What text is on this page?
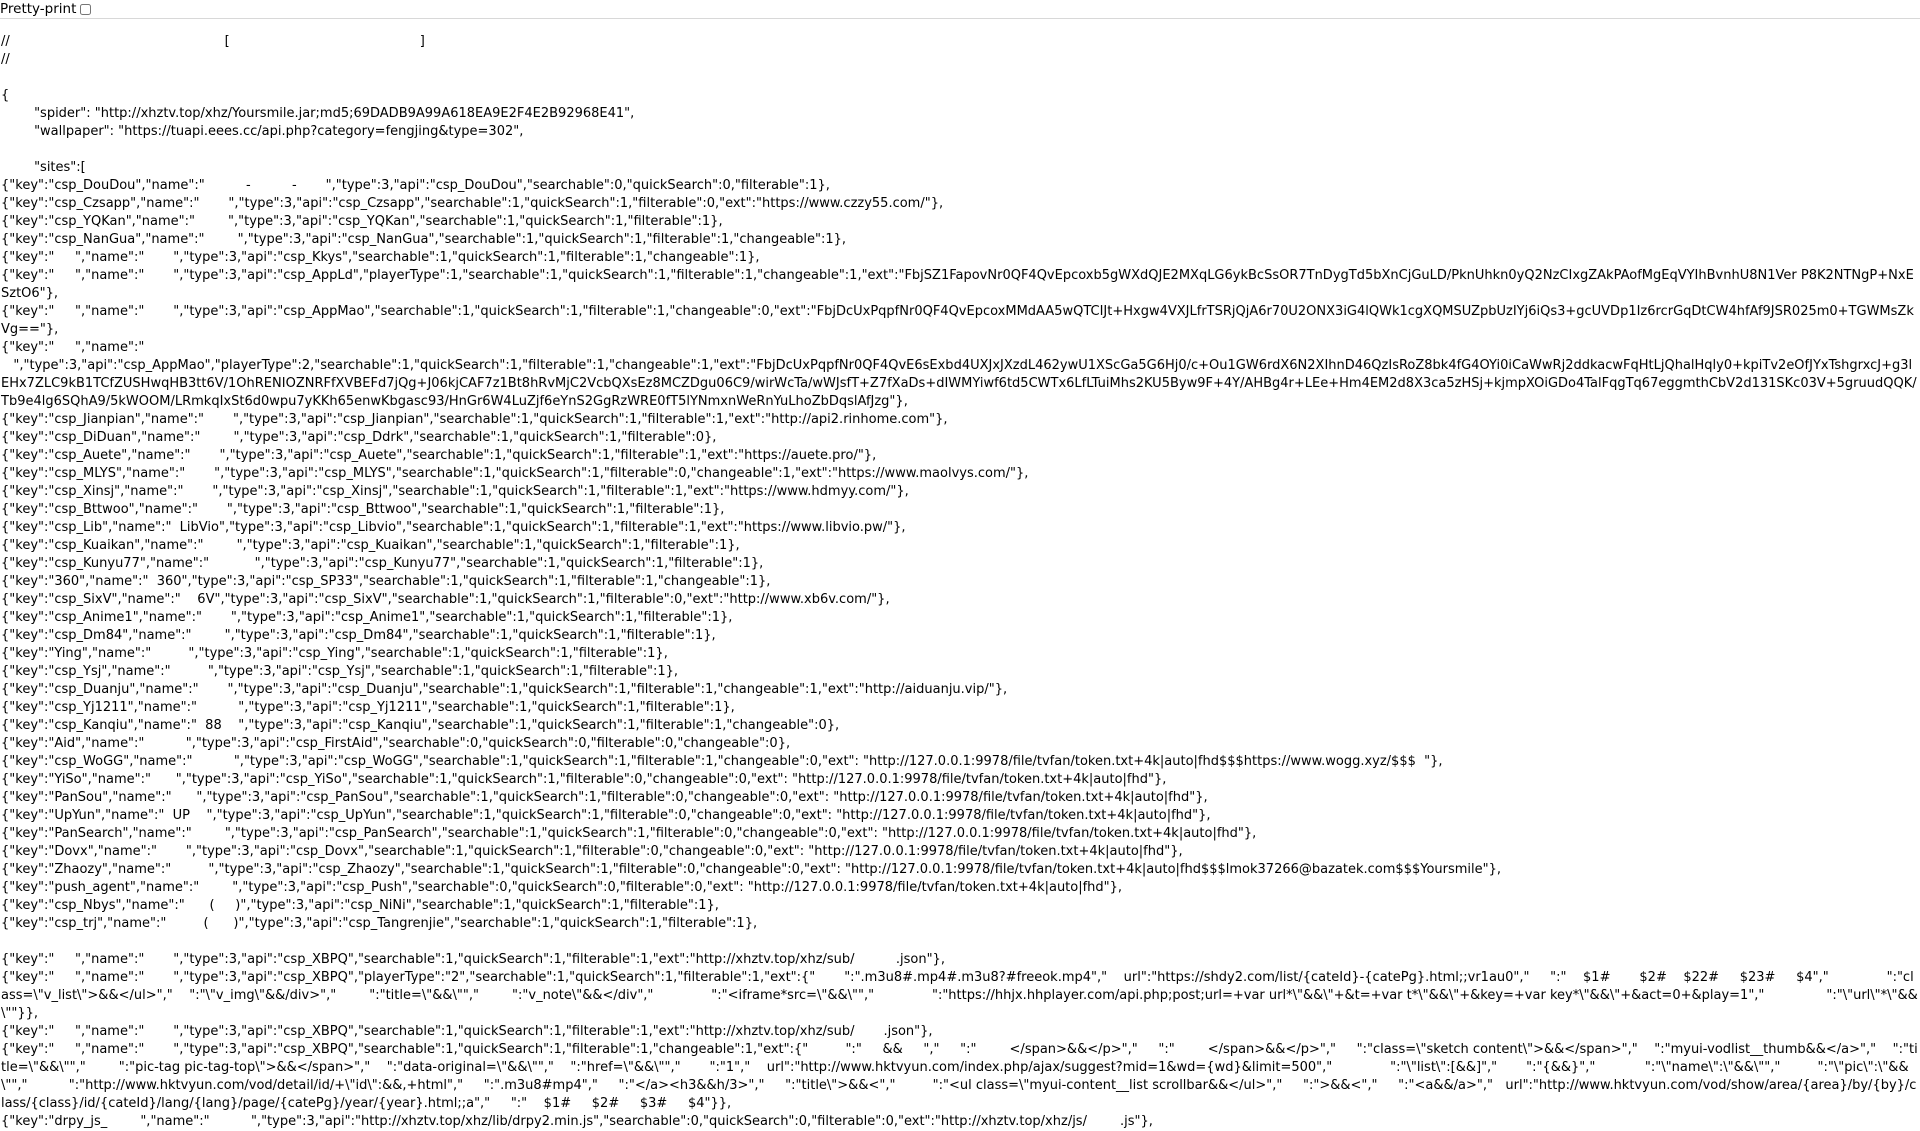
Pretty-print
//                                                    [                                              ]
//
{
"spider": "http://xhztv.top/xhz/Yoursmile.jar;md5;69DADB9A99A618EA9E2F4E2B92968E41",
"wallpaper": "https://tuapi.eees.cc/api.php?category=fengjing&type=302",
"sites":[
{"key":"csp_DouDou","name":"          -          -       ","type":3,"api":"csp_DouDou","searchable":0,"quickSearch":0,"filterable":1},
{"key":"csp_Czsapp","name":"       ","type":3,"api":"csp_Czsapp","searchable":1,"quickSearch":1,"filterable":0,"ext":"https://www.czzy55.com/"},
{"key":"csp_YQKan","name":"        ","type":3,"api":"csp_YQKan","searchable":1,"quickSearch":1,"filterable":1},
{"key":"csp_NanGua","name":"        ","type":3,"api":"csp_NanGua","searchable":1,"quickSearch":1,"filterable":1,"changeable":1},
{"key":"     ","name":"       ","type":3,"api":"csp_Kkys","searchable":1,"quickSearch":1,"filterable":1,"changeable":1},
{"key":"     ","name":"       ","type":3,"api":"csp_AppLd","playerType":1,"searchable":1,"quickSearch":1,"filterable":1,"changeable":1,"ext":"FbjSZ1FapovNr0QF4QvEpcoxb5gWXdQJE2MXqLG6ykBcSsOR7TnDygTd5bXnCjGuLD/PknUhkn0yQ2NzCIxgZAkPAofMgEqVYIhBvnhU8N1Ver P8K2NTNgP+NxESztO6"},
{"key":"     ","name":"       ","type":3,"api":"csp_AppMao","searchable":1,"quickSearch":1,"filterable":1,"changeable":0,"ext":"FbjDcUxPqpfNr0QF4QvEpcoxMMdAA5wQTCIJt+Hxgw4VXJLfrTSRjQjA6r70U2ONX3iG4lQWk1cgXQMSUZpbUzIYj6iQs3+gcUVDp1Iz6rcrGqDtCW4hfAf9JSR025m0+TGWMsZkVg=="},
{"key":"     ","name":"
","type":3,"api":"csp_AppMao","playerType":2,"searchable":1,"quickSearch":1,"filterable":1,"changeable":1,"ext":"FbjDcUxPqpfNr0QF4QvE6sExbd4UXJxJXzdL462ywU1XScGa5G6Hj0/c+Ou1GW6rdX6N2XIhnD46QzIsRoZ8bk4fG4OYi0iCaWwRj2ddkacwFqHtLjQhalHqly0+kpiTv2eOfJYxTshgrxcJ+g3lEHx7ZLC9kB1TCfZUSHwqHB3tt6V/1OhRENIOZNRFfXVBEFd7jQg+J06kjCAF7z1Bt8hRvMjC2VcbQXsEz8MCZDgu06C9/wirWcTa/wWJsfT+Z7fXaDs+dIWMYiwf6td5CWTx6LfLTuiMhs2KU5Byw9F+4Y/AHBg4r+LEe+Hm4EM2d8X3ca5zHSj+kjmpXOiGDo4TalFqgTq67eggmthCbV2d131SKc03V+5gruudQQK/Tb9e4lg6SQhA9/5kWOOM/LRmkqIxSt6d0wpu7yKKh65enwKbgasc93/HnGr6W4LuZjf6eYnS2GgRzWRE0fT5lYNmxnWeRnYuLhoZbDqslAfJzg"},
{"key":"csp_Jianpian","name":"       ","type":3,"api":"csp_Jianpian","searchable":1,"quickSearch":1,"filterable":1,"ext":"http://api2.rinhome.com"},
{"key":"csp_DiDuan","name":"        ","type":3,"api":"csp_Ddrk","searchable":1,"quickSearch":1,"filterable":0},
{"key":"csp_Auete","name":"       ","type":3,"api":"csp_Auete","searchable":1,"quickSearch":1,"filterable":1,"ext":"https://auete.pro/"},
{"key":"csp_MLYS","name":"       ","type":3,"api":"csp_MLYS","searchable":1,"quickSearch":1,"filterable":0,"changeable":1,"ext":"https://www.maolvys.com/"},
{"key":"csp_Xinsj","name":"       ","type":3,"api":"csp_Xinsj","searchable":1,"quickSearch":1,"filterable":1,"ext":"https://www.hdmyy.com/"},
{"key":"csp_Bttwoo","name":"       ","type":3,"api":"csp_Bttwoo","searchable":1,"quickSearch":1,"filterable":1},
{"key":"csp_Lib","name":"  LibVio","type":3,"api":"csp_Libvio","searchable":1,"quickSearch":1,"filterable":1,"ext":"https://www.libvio.pw/"},
{"key":"csp_Kuaikan","name":"        ","type":3,"api":"csp_Kuaikan","searchable":1,"quickSearch":1,"filterable":1},
{"key":"csp_Kunyu77","name":"           ","type":3,"api":"csp_Kunyu77","searchable":1,"quickSearch":1,"filterable":1},
{"key":"360","name":"  360","type":3,"api":"csp_SP33","searchable":1,"quickSearch":1,"filterable":1,"changeable":1},
{"key":"csp_SixV","name":"    6V","type":3,"api":"csp_SixV","searchable":1,"quickSearch":1,"filterable":0,"ext":"http://www.xb6v.com/"},
{"key":"csp_Anime1","name":"       ","type":3,"api":"csp_Anime1","searchable":1,"quickSearch":1,"filterable":1},
{"key":"csp_Dm84","name":"        ","type":3,"api":"csp_Dm84","searchable":1,"quickSearch":1,"filterable":1},
{"key":"Ying","name":"         ","type":3,"api":"csp_Ying","searchable":1,"quickSearch":1,"filterable":1},
{"key":"csp_Ysj","name":"         ","type":3,"api":"csp_Ysj","searchable":1,"quickSearch":1,"filterable":1},
{"key":"csp_Duanju","name":"       ","type":3,"api":"csp_Duanju","searchable":1,"quickSearch":1,"filterable":1,"changeable":1,"ext":"http://aiduanju.vip/"},
{"key":"csp_Yj1211","name":"          ","type":3,"api":"csp_Yj1211","searchable":1,"quickSearch":1,"filterable":1},
{"key":"csp_Kanqiu","name":"  88    ","type":3,"api":"csp_Kanqiu","searchable":1,"quickSearch":1,"filterable":1,"changeable":0},
{"key":"Aid","name":"          ","type":3,"api":"csp_FirstAid","searchable":0,"quickSearch":0,"filterable":0,"changeable":0},
{"key":"csp_WoGG","name":"          ","type":3,"api":"csp_WoGG","searchable":1,"quickSearch":1,"filterable":1,"changeable":0,"ext": "http://127.0.0.1:9978/file/tvfan/token.txt+4k|auto|fhd$$$https://www.wogg.xyz/$$$  "},
{"key":"YiSo","name":"      ","type":3,"api":"csp_YiSo","searchable":1,"quickSearch":1,"filterable":0,"changeable":0,"ext": "http://127.0.0.1:9978/file/tvfan/token.txt+4k|auto|fhd"},
{"key":"PanSou","name":"      ","type":3,"api":"csp_PanSou","searchable":1,"quickSearch":1,"filterable":0,"changeable":0,"ext": "http://127.0.0.1:9978/file/tvfan/token.txt+4k|auto|fhd"},
{"key":"UpYun","name":"  UP    ","type":3,"api":"csp_UpYun","searchable":1,"quickSearch":1,"filterable":0,"changeable":0,"ext": "http://127.0.0.1:9978/file/tvfan/token.txt+4k|auto|fhd"},
{"key":"PanSearch","name":"        ","type":3,"api":"csp_PanSearch","searchable":1,"quickSearch":1,"filterable":0,"changeable":0,"ext": "http://127.0.0.1:9978/file/tvfan/token.txt+4k|auto|fhd"},
{"key":"Dovx","name":"       ","type":3,"api":"csp_Dovx","searchable":1,"quickSearch":1,"filterable":0,"changeable":0,"ext": "http://127.0.0.1:9978/file/tvfan/token.txt+4k|auto|fhd"},
{"key":"Zhaozy","name":"         ","type":3,"api":"csp_Zhaozy","searchable":1,"quickSearch":1,"filterable":0,"changeable":0,"ext": "http://127.0.0.1:9978/file/tvfan/token.txt+4k|auto|fhd$$$lmok37266@bazatek.com$$$Yoursmile"},
{"key":"push_agent","name":"        ","type":3,"api":"csp_Push","searchable":0,"quickSearch":0,"filterable":0,"ext": "http://127.0.0.1:9978/file/tvfan/token.txt+4k|auto|fhd"},
{"key":"csp_Nbys","name":"      (     )","type":3,"api":"csp_NiNi","searchable":1,"quickSearch":1,"filterable":1},
{"key":"csp_trj","name":"         (      )","type":3,"api":"csp_Tangrenjie","searchable":1,"quickSearch":1,"filterable":1},
{"key":"     ","name":"       ","type":3,"api":"csp_XBPQ","searchable":1,"quickSearch":1,"filterable":1,"ext":"http://xhztv.top/xhz/sub/          .json"},
{"key":"     ","name":"       ","type":3,"api":"csp_XBPQ","playerType":"2","searchable":1,"quickSearch":1,"filterable":1,"ext":{"       ":".m3u8#.mp4#.m3u8?#freeok.mp4","    url":"https://shdy2.com/list/{cateId}-{catePg}.html;;vr1au0","     ":"    $1#       $2#    $22#     $23#     $4","              ":"class=\"v_list\">&&</ul>","    ":"\"v_img\"&&/div>","        ":"title=\"&&\"","        ":"v_note\"&&</div","              ":"<iframe*src=\"&&\"","              ":"https://hhjx.hhplayer.com/api.php;post;url=+var url*\"&&\"+&t=+var t*\"&&\"+&key=+var key*\"&&\"+&act=0+&play=1","               ":"\"url\"*\"&&\""}},
{"key":"     ","name":"       ","type":3,"api":"csp_XBPQ","searchable":1,"quickSearch":1,"filterable":1,"ext":"http://xhztv.top/xhz/sub/       .json"},
{"key":"     ","name":"       ","type":3,"api":"csp_XBPQ","searchable":1,"quickSearch":1,"filterable":1,"changeable":1,"ext":{"         ":"     &&     ","     ":"        </span>&&</p>","     ":"        </span>&&</p>","     ":"class=\"sketch content\">&&</span>","    ":"myui-vodlist__thumb&&</a>","    ":"title=\"&&\"","        ":"pic-tag pic-tag-top\">&&</span>","    ":"data-original=\"&&\"","    ":"href=\"&&\"","       ":"1","    url":"http://www.hktvyun.com/index.php/ajax/suggest?mid=1&wd={wd}&limit=500","              ":"\"list\":[&&]","       ":"{&&}","            ":"\"name\":\"&&\"","         ":"\"pic\":\"&&\"","          ":"http://www.hktvyun.com/vod/detail/id/+\"id\":&&,+html","     ":".m3u8#mp4","     ":"</a><h3&&h/3>","     ":"title\">&&<","         ":"<ul class=\"myui-content__list scrollbar&&</ul>","     ":">&&<","     ":"<a&&/a>","   url":"http://www.hktvyun.com/vod/show/area/{area}/by/{by}/class/{class}/id/{cateId}/lang/{lang}/page/{catePg}/year/{year}.html;;a","     ":"    $1#     $2#     $3#     $4"}},
{"key":"drpy_js_        ","name":"          ","type":3,"api":"http://xhztv.top/xhz/lib/drpy2.min.js","searchable":0,"quickSearch":0,"filterable":0,"ext":"http://xhztv.top/xhz/js/        .js"},
